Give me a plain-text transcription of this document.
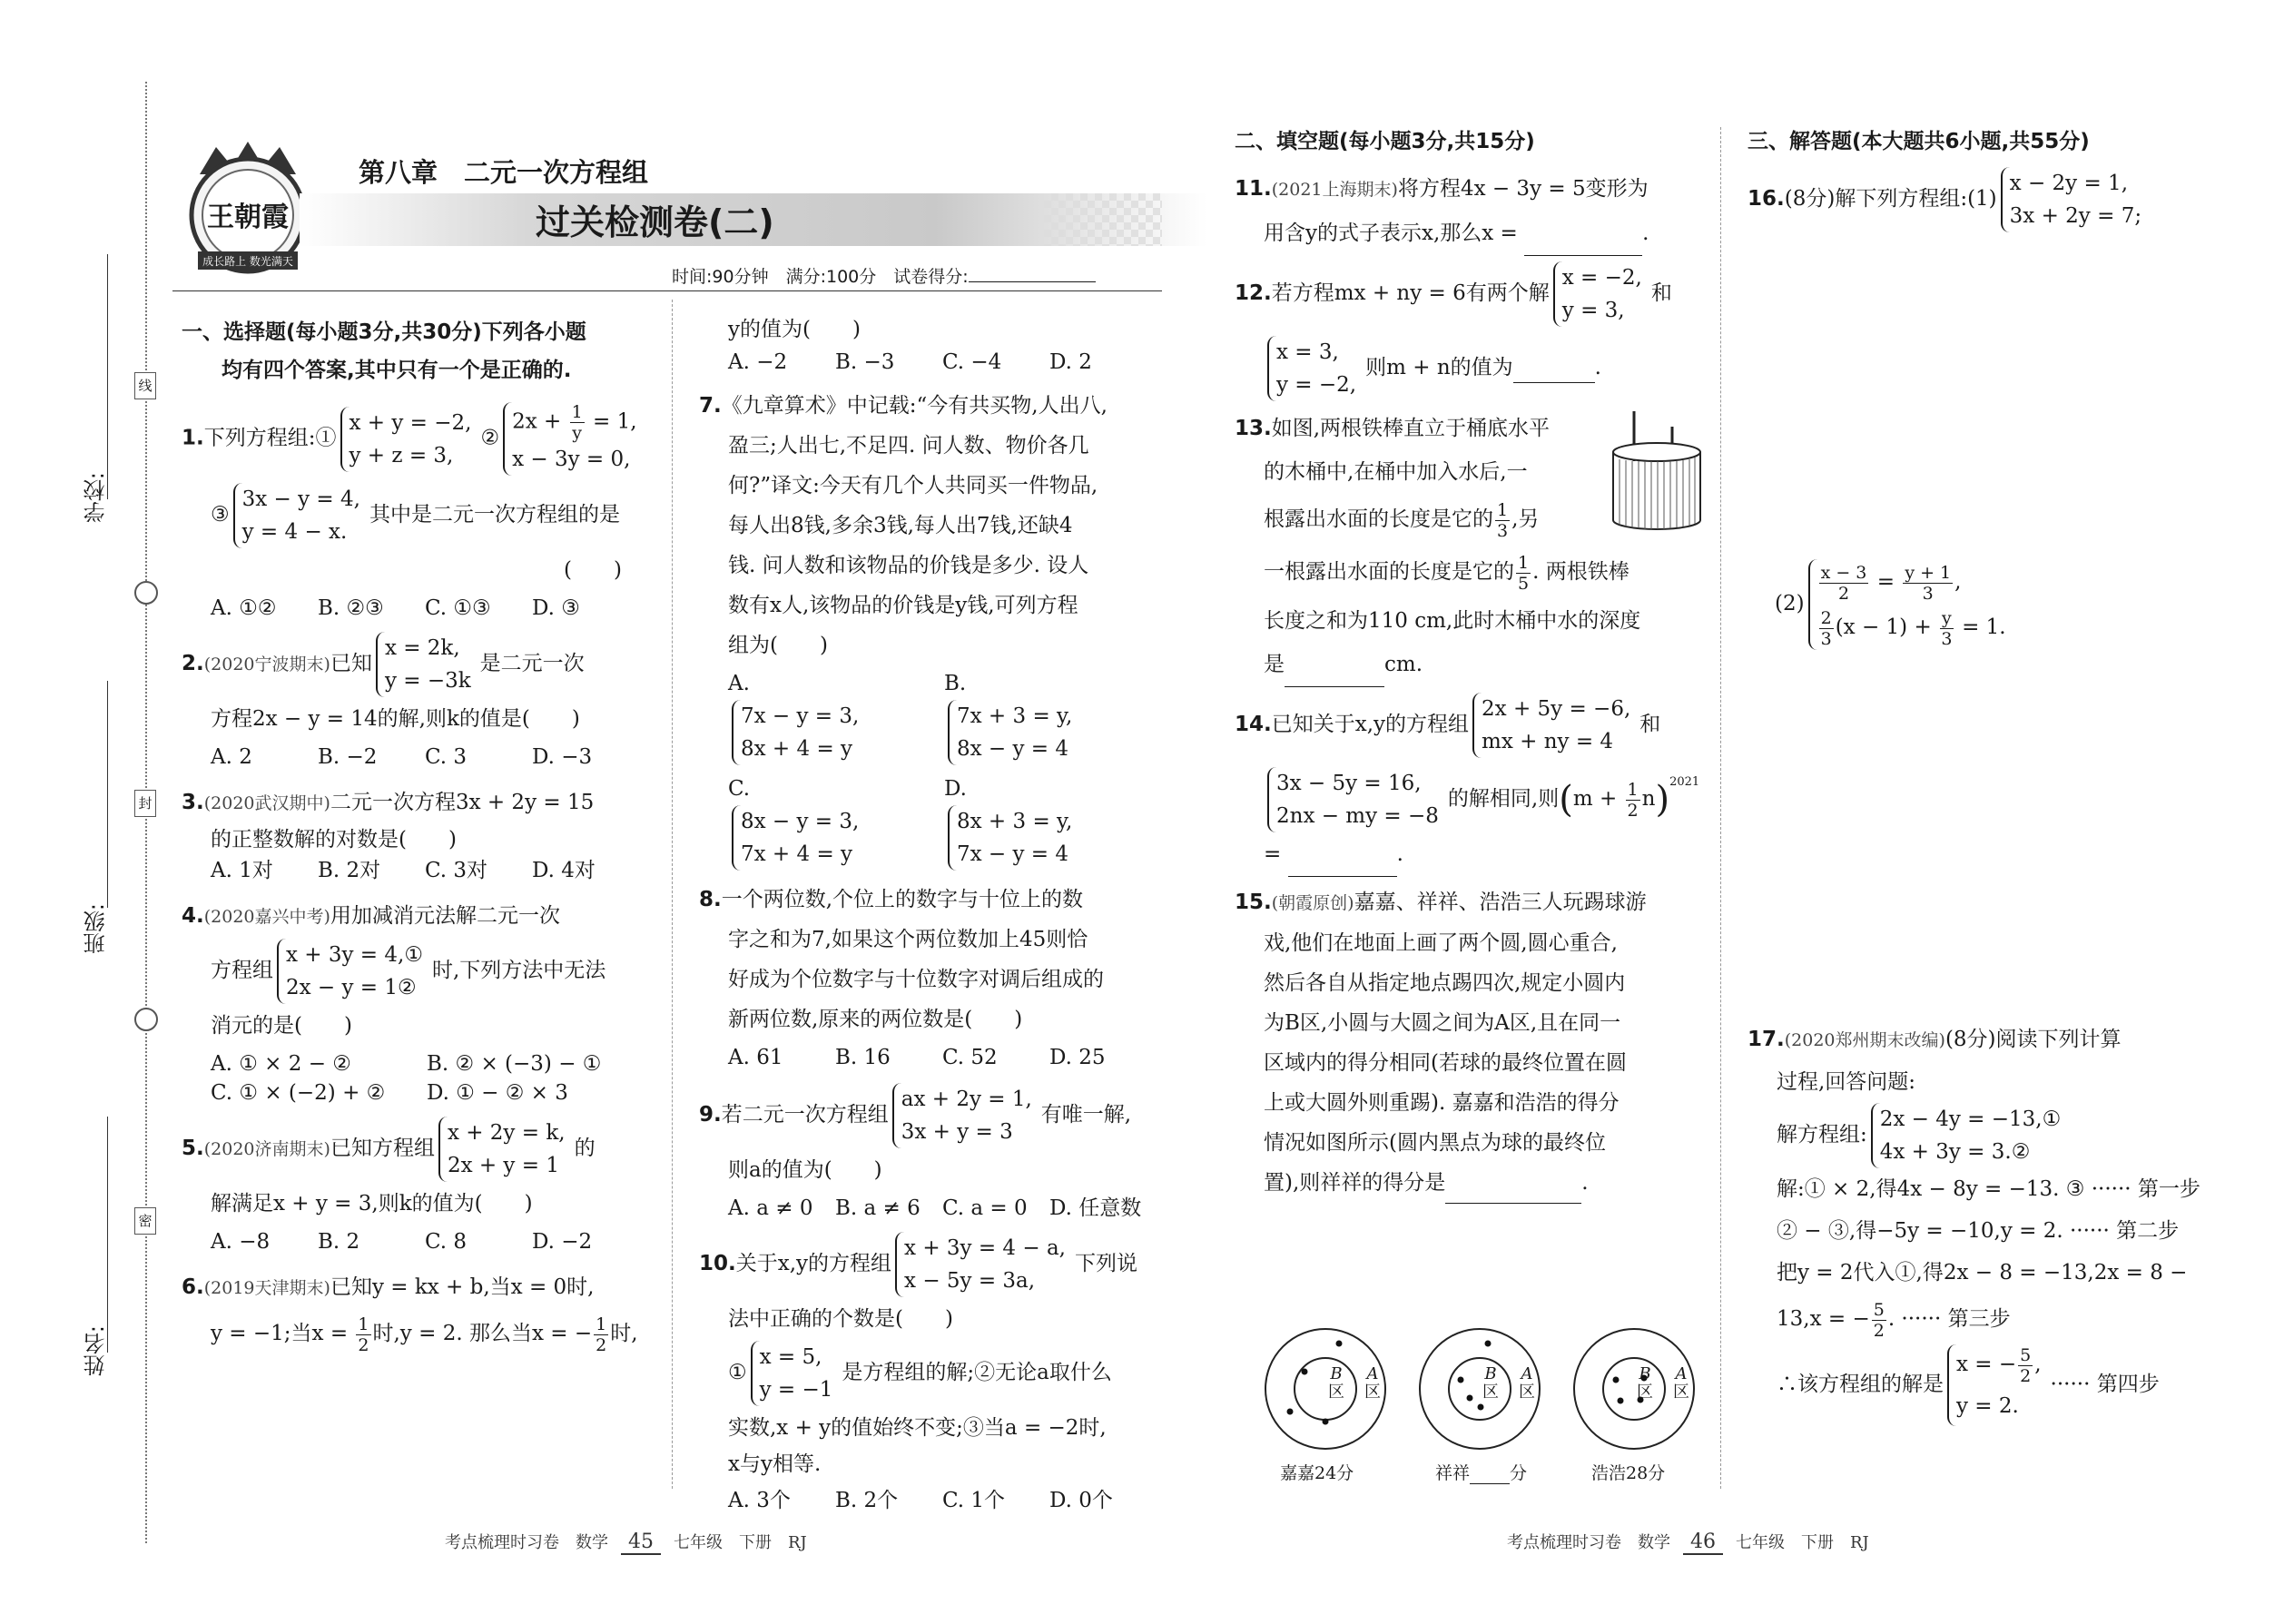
学校:
班级:
姓名:
线
封
密
王朝霞
成长路上 数光满天
第八章　二元一次方程组
过关检测卷(二)
时间:90分钟　满分:100分　试卷得分:
一、选择题(每小题3分,共30分)下列各小题
均有四个答案,其中只有一个是正确的.
1.下列方程组:①
x + y = −2,
y + z = 3,
②
$2x + \frac{1}{y} = 1$,
x − 3y = 0,
③
3x − y = 4,
y = 4 − x.
其中是二元一次方程组的是
(　　)
A. ①②	B. ②③	C. ①③	D. ③
2.(2020宁波期末)已知
x = 2k,
y = −3k
是二元一次
方程2x − y = 14的解,则k的值是(　　)
A. 2	B. −2	C. 3	D. −3
3.(2020武汉期中)二元一次方程3x + 2y = 15
的正整数解的对数是(　　)
A. 1对	B. 2对	C. 3对	D. 4对
4.(2020嘉兴中考)用加减消元法解二元一次
方程组
x + 3y = 4,①
2x − y = 1②
时,下列方法中无法
消元的是(　　)
A. ① × 2 − ②	B. ② × (−3) − ①
C. ① × (−2) + ②	D. ① − ② × 3
5.(2020济南期末)已知方程组
x + 2y = k,
2x + y = 1
的
解满足x + y = 3,则k的值为(　　)
A. −8	B. 2	C. 8	D. −2
6.(2019天津期末)已知y = kx + b,当x = 0时,
y = −1;当$x = \frac{1}{2}$ 时,y = 2. 那么当x = − $\frac{1}{2}$ 时,
y的值为(　　)
A. −2	B. −3	C. −4	D. 2
7.《九章算术》中记载:“今有共买物,人出八,
盈三;人出七,不足四. 问人数、物价各几
何?”译文:今天有几个人共同买一件物品,
每人出8钱,多余3钱,每人出7钱,还缺4
钱. 问人数和该物品的价钱是多少. 设人
数有x人,该物品的价钱是y钱,可列方程
组为(　　)
A.
7x − y = 3,
8x + 4 = y
B.
7x + 3 = y,
8x − y = 4
C.
8x − y = 3,
7x + 4 = y
D.
8x + 3 = y,
7x − y = 4
8.一个两位数,个位上的数字与十位上的数
字之和为7,如果这个两位数加上45则恰
好成为个位数字与十位数字对调后组成的
新两位数,原来的两位数是(　　)
A. 61	B. 16	C. 52	D. 25
9.若二元一次方程组
ax + 2y = 1,
3x + y = 3
有唯一解,
则a的值为(　　)
A. a ≠ 0	B. a ≠ 6	C. a = 0	D. 任意数
10.关于x,y的方程组
x + 3y = 4 − a,
x − 5y = 3a,
下列说
法中正确的个数是(　　)
①
x = 5,
y = −1
是方程组的解;②无论a取什么
实数,x + y的值始终不变;③当a = −2时,
x与y相等.
A. 3个	B. 2个	C. 1个	D. 0个
二、填空题(每小题3分,共15分)
11.(2021上海期末)将方程4x − 3y = 5变形为
用含y的式子表示x,那么x =	.
12.若方程mx + ny = 6有两个解
x = −2,
y = 3,
和
x = 3,
y = −2,
则m + n的值为	.
13.如图,两根铁棒直立于桶底水平
的木桶中,在桶中加入水后,一
根露出水面的长度是它的 $\frac{1}{3}$ ,另
一根露出水面的长度是它的 $\frac{1}{5}$ . 两根铁棒
长度之和为110 cm,此时木桶中水的深度
是	cm.
14.已知关于x,y的方程组
2x + 5y = −6,
mx + ny = 4
和
3x − 5y = 16,
2nx − my = −8
的解相同,则$(m + \frac{1}{2} n)^{2021}$
=	.
15.(朝霞原创)嘉嘉、祥祥、浩浩三人玩踢球游
戏,他们在地面上画了两个圆,圆心重合,
然后各自从指定地点踢四次,规定小圆内
为B区,小圆与大圆之间为A区,且在同一
区域内的得分相同(若球的最终位置在圆
上或大圆外则重踢). 嘉嘉和浩浩的得分
情况如图所示(圆内黑点为球的最终位
置),则祥祥的得分是	.
B
区
A
区
B
区
A
区
B
区
A
区
嘉嘉24分	祥祥 分	浩浩28分
三、解答题(本大题共6小题,共55分)
16.(8分)解下列方程组:(1)
x − 2y = 1,
3x + 2y = 7;
(2)
$\frac{x - 3}{2} = \frac{y + 1}{3}$ ,
$\frac{2}{3} (x - 1) + \frac{y}{3} = 1$.
17.(2020郑州期末改编)(8分)阅读下列计算
过程,回答问题:
解方程组:
2x − 4y = −13,①
4x + 3y = 3.②
解:① × 2,得4x − 8y = −13. ③ ······ 第一步
② − ③,得−5y = −10,y = 2. ······ 第二步
把y = 2代入①,得2x − 8 = −13,2x = 8 −
13,x = − $\frac{5}{2}$ . ······ 第三步
∴该方程组的解是
x = − $\frac{5}{2}$ ,
y = 2.
······ 第四步
考点梳理时习卷　数学 45 七年级　下册　RJ	考点梳理时习卷　数学 46 七年级　下册　RJ
